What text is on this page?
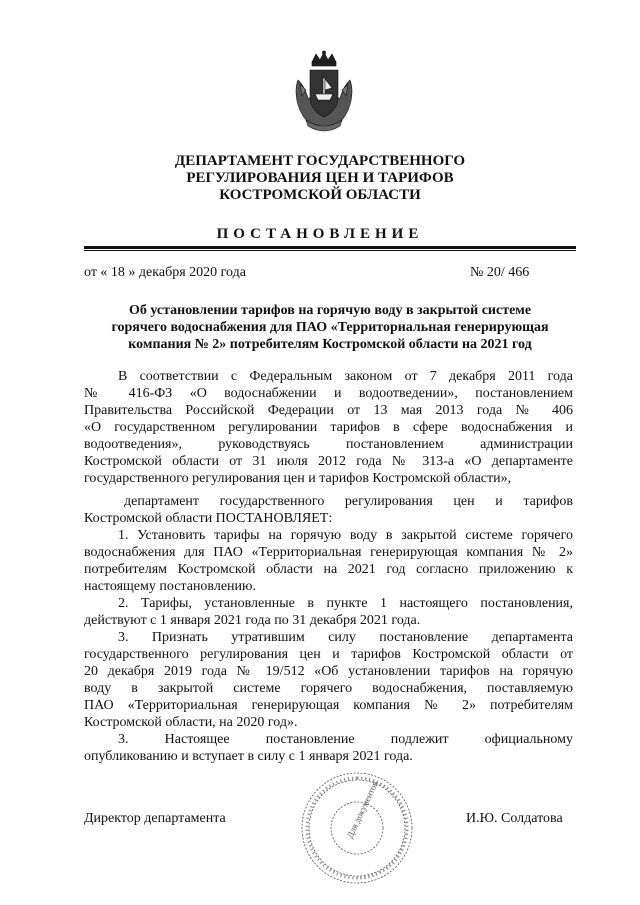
ДЕПАРТАМЕНТ ГОСУДАРСТВЕННОГО
РЕГУЛИРОВАНИЯ ЦЕН И ТАРИФОВ
КОСТРОМСКОЙ ОБЛАСТИ
ПОСТАНОВЛЕНИЕ
от « 18 » декабря 2020 года	№ 20/ 466
Об установлении тарифов на горячую воду в закрытой системе
горячего водоснабжения для ПАО «Территориальная генерирующая
компания № 2» потребителям Костромской области на 2021 год
В соответствии с Федеральным законом от 7 декабря 2011 года
№ 416-ФЗ «О водоснабжении и водоотведении», постановлением
Правительства Российской Федерации от 13 мая 2013 года № 406
«О государственном регулировании тарифов в сфере водоснабжения и
водоотведения», руководствуясь постановлением администрации
Костромской области от 31 июля 2012 года № 313-а «О департаменте
государственного регулирования цен и тарифов Костромской области»,
департамент государственного регулирования цен и тарифов
Костромской области ПОСТАНОВЛЯЕТ:
1. Установить тарифы на горячую воду в закрытой системе горячего
водоснабжения для ПАО «Территориальная генерирующая компания № 2»
потребителям Костромской области на 2021 год согласно приложению к
настоящему постановлению.
2. Тарифы, установленные в пункте 1 настоящего постановления,
действуют с 1 января 2021 года по 31 декабря 2021 года.
3. Признать утратившим силу постановление департамента
государственного регулирования цен и тарифов Костромской области от
20 декабря 2019 года № 19/512 «Об установлении тарифов на горячую
воду в закрытой системе горячего водоснабжения, поставляемую
ПАО «Территориальная генерирующая компания № 2» потребителям
Костромской области, на 2020 год».
3. Настоящее постановление подлежит официальному
опубликованию и вступает в силу с 1 января 2021 года.
Директор департамента	И.Ю. Солдатова
Для документов
